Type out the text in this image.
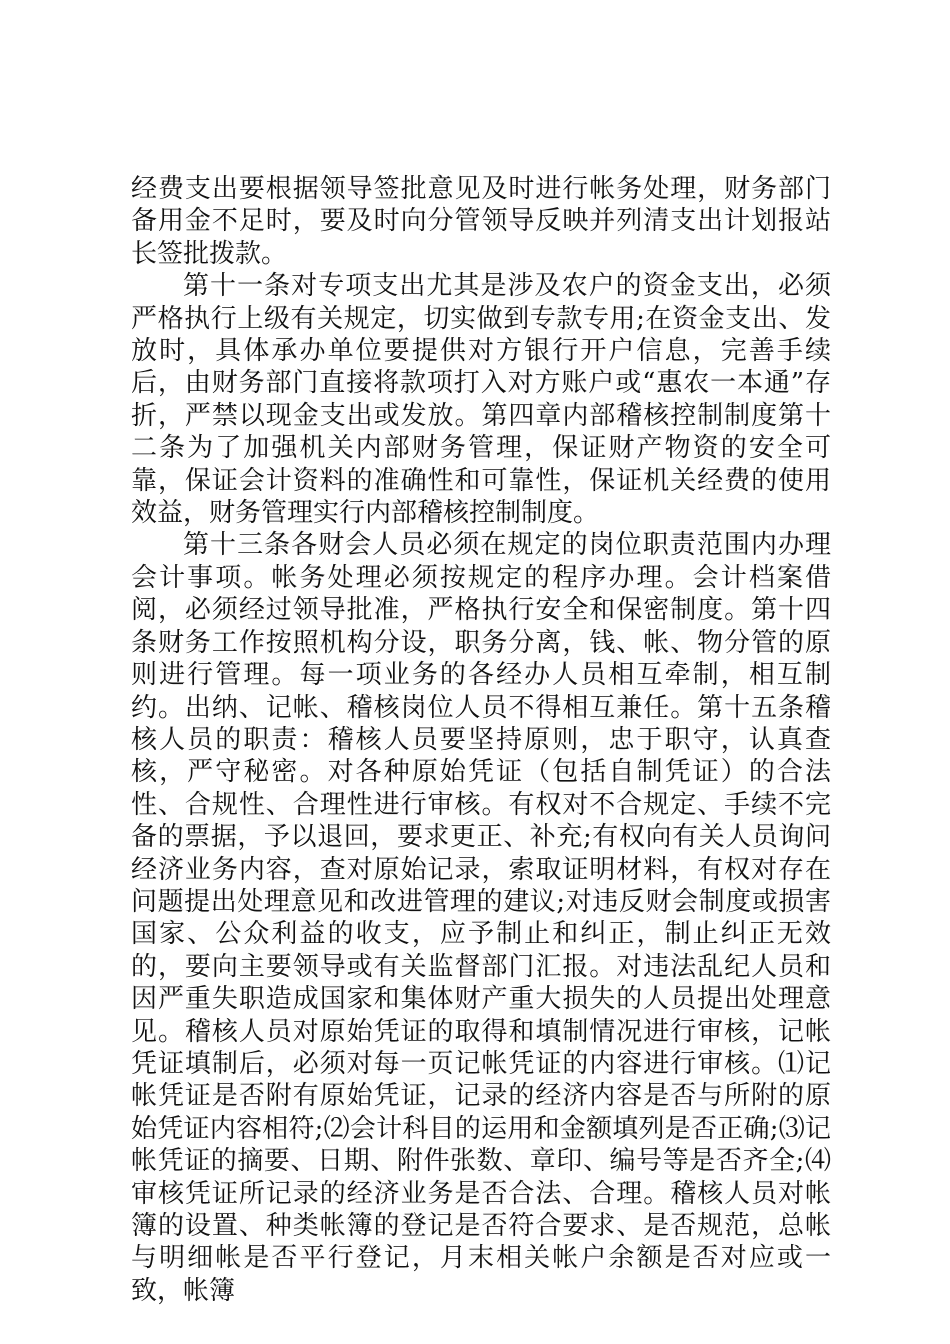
经费支出要根据领导签批意见及时进行帐务处理，财务部门备用金不足时，要及时向分管领导反映并列清支出计划报站长签批拨款。

第十一条对专项支出尤其是涉及农户的资金支出，必须严格执行上级有关规定，切实做到专款专用;在资金支出、发放时，具体承办单位要提供对方银行开户信息，完善手续后，由财务部门直接将款项打入对方账户或“惠农一本通”存折，严禁以现金支出或发放。第四章内部稽核控制制度第十二条为了加强机关内部财务管理，保证财产物资的安全可靠，保证会计资料的准确性和可靠性，保证机关经费的使用效益，财务管理实行内部稽核控制制度。

第十三条各财会人员必须在规定的岗位职责范围内办理会计事项。帐务处理必须按规定的程序办理。会计档案借阅，必须经过领导批准，严格执行安全和保密制度。第十四条财务工作按照机构分设，职务分离，钱、帐、物分管的原则进行管理。每一项业务的各经办人员相互牵制，相互制约。出纳、记帐、稽核岗位人员不得相互兼任。第十五条稽核人员的职责：稽核人员要坚持原则，忠于职守，认真查核，严守秘密。对各种原始凭证（包括自制凭证）的合法性、合规性、合理性进行审核。有权对不合规定、手续不完备的票据，予以退回，要求更正、补充;有权向有关人员询问经济业务内容，查对原始记录，索取证明材料，有权对存在问题提出处理意见和改进管理的建议;对违反财会制度或损害国家、公众利益的收支，应予制止和纠正，制止纠正无效的，要向主要领导或有关监督部门汇报。对违法乱纪人员和因严重失职造成国家和集体财产重大损失的人员提出处理意见。稽核人员对原始凭证的取得和填制情况进行审核，记帐凭证填制后，必须对每一页记帐凭证的内容进行审核。⑴记帐凭证是否附有原始凭证，记录的经济内容是否与所附的原始凭证内容相符;⑵会计科目的运用和金额填列是否正确;⑶记帐凭证的摘要、日期、附件张数、章印、编号等是否齐全;⑷审核凭证所记录的经济业务是否合法、合理。稽核人员对帐簿的设置、种类帐簿的登记是否符合要求、是否规范，总帐与明细帐是否平行登记，月末相关帐户余额是否对应或一致，帐簿
